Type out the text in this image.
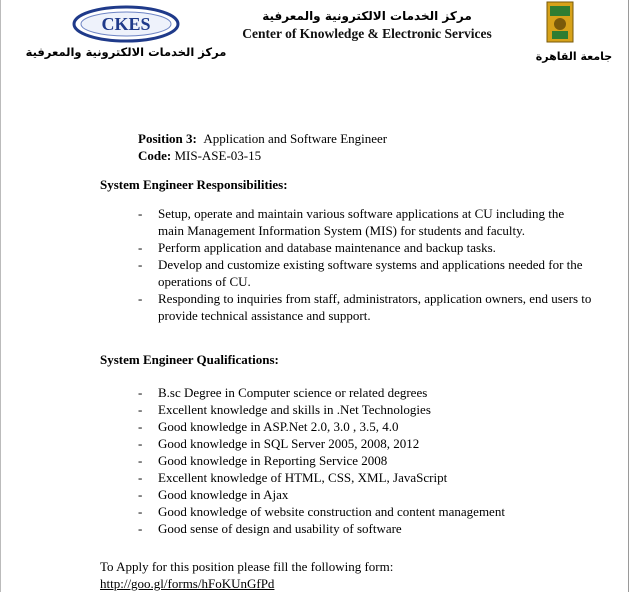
CKES
مركز الخدمات الالكترونية والمعرفية
مركز الخدمات الالكترونية والمعرفية
Center of Knowledge & Electronic Services
جامعة القاهرة
Position 3: Application and Software Engineer
Code: MIS-ASE-03-15
System Engineer Responsibilities:
- Setup, operate and maintain various software applications at CU including the
main Management Information System (MIS) for students and faculty.
- Perform application and database maintenance and backup tasks.
- Develop and customize existing software systems and applications needed for the
operations of CU.
- Responding to inquiries from staff, administrators, application owners, end users to
provide technical assistance and support.
System Engineer Qualifications:
- B.sc Degree in Computer science or related degrees
- Excellent knowledge and skills in .Net Technologies
- Good knowledge in ASP.Net 2.0, 3.0 , 3.5, 4.0
- Good knowledge in SQL Server 2005, 2008, 2012
- Good knowledge in Reporting Service 2008
- Excellent knowledge of HTML, CSS, XML, JavaScript
- Good knowledge in Ajax
- Good knowledge of website construction and content management
- Good sense of design and usability of software
To Apply for this position please fill the following form:
http://goo.gl/forms/hFoKUnGfPd
